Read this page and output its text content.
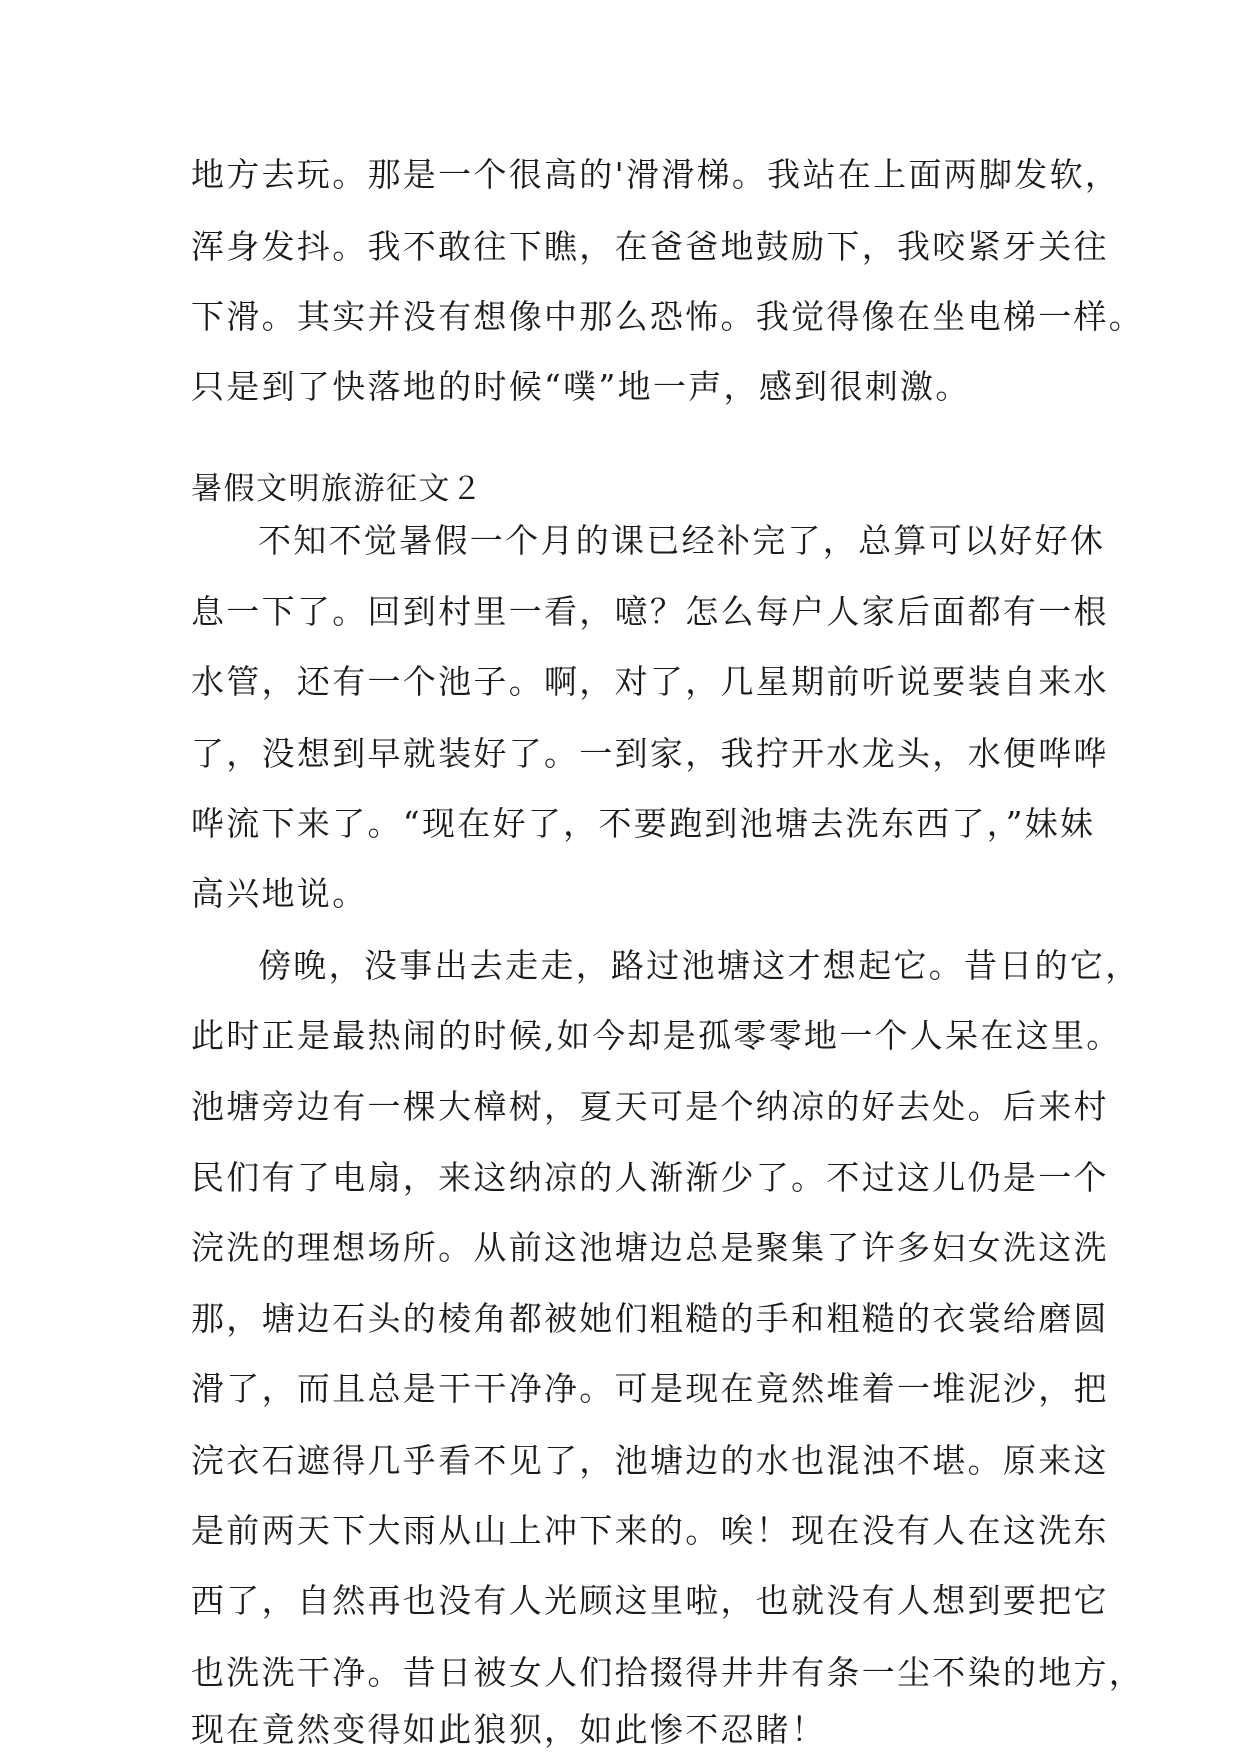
地方去玩。那是一个很高的'滑滑梯。我站在上面两脚发软，
浑身发抖。我不敢往下瞧，在爸爸地鼓励下，我咬紧牙关往
下滑。其实并没有想像中那么恐怖。我觉得像在坐电梯一样。
只是到了快落地的时候“噗”地一声，感到很刺激。
暑假文明旅游征文２
不知不觉暑假一个月的课已经补完了，总算可以好好休
息一下了。回到村里一看，噫？怎么每户人家后面都有一根
水管，还有一个池子。啊，对了，几星期前听说要装自来水
了，没想到早就装好了。一到家，我拧开水龙头，水便哗哗
哗流下来了。“现在好了，不要跑到池塘去洗东西了，”妹妹
高兴地说。
傍晚，没事出去走走，路过池塘这才想起它。昔日的它，
此时正是最热闹的时候,如今却是孤零零地一个人呆在这里。
池塘旁边有一棵大樟树，夏天可是个纳凉的好去处。后来村
民们有了电扇，来这纳凉的人渐渐少了。不过这儿仍是一个
浣洗的理想场所。从前这池塘边总是聚集了许多妇女洗这洗
那，塘边石头的棱角都被她们粗糙的手和粗糙的衣裳给磨圆
滑了，而且总是干干净净。可是现在竟然堆着一堆泥沙，把
浣衣石遮得几乎看不见了，池塘边的水也混浊不堪。原来这
是前两天下大雨从山上冲下来的。唉！现在没有人在这洗东
西了，自然再也没有人光顾这里啦，也就没有人想到要把它
也洗洗干净。昔日被女人们拾掇得井井有条一尘不染的地方，
现在竟然变得如此狼狈，如此惨不忍睹！
